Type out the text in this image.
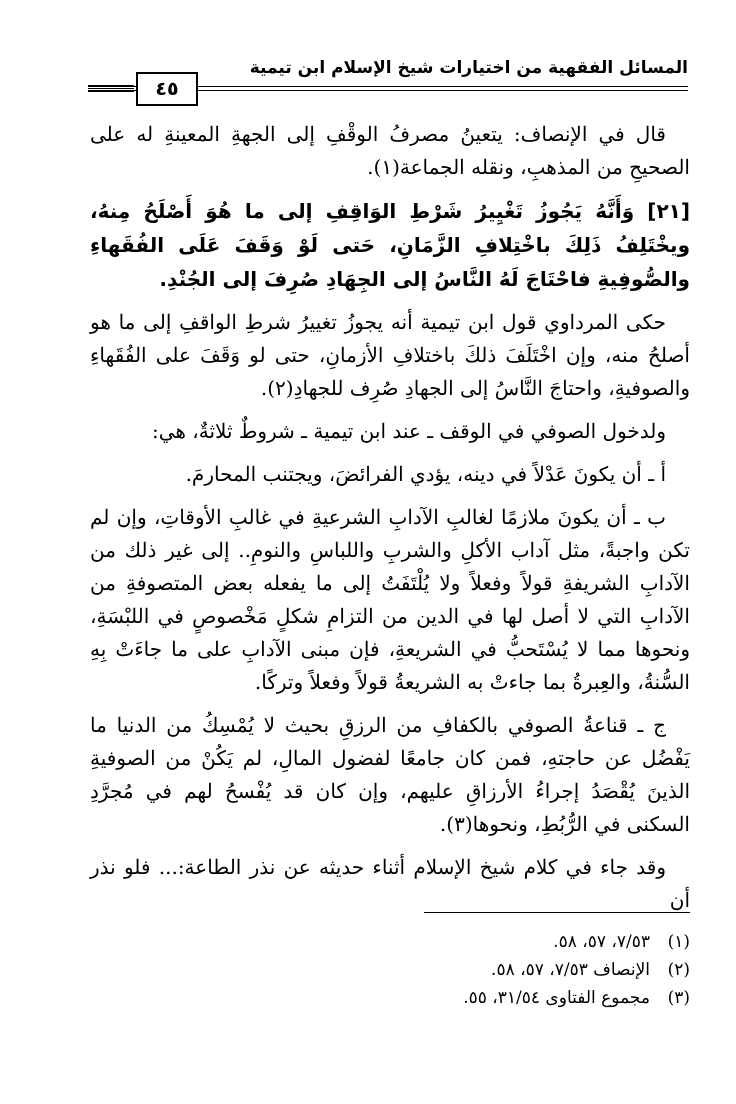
المسائل الفقهية من اختيارات شيخ الإسلام ابن تيمية
٤٥

قال في الإنصاف: يتعينُ مصرفُ الوقْفِ إلى الجهةِ المعينةِ له على الصحيحِ من المذهبِ، ونقله الجماعة(١).

[٢١] وَأَنَّهُ يَجُوزُ تَغْيِيرُ شَرْطِ الوَاقِفِ إلى ما هُوَ أَصْلَحُ مِنهُ، ويخْتَلِفُ ذَلِكَ باخْتِلافِ الزَّمَانِ، حَتى لَوْ وَقَفَ عَلَى الفُقَهاءِ والصُّوفِيةِ فاحْتَاجَ لَهُ النَّاسُ إلى الجِهَادِ صُرِفَ إلى الجُنْدِ.

حكى المرداوي قول ابن تيمية أنه يجوزُ تغييرُ شرطِ الواقفِ إلى ما هو أصلحُ منه، وإن اخْتَلَفَ ذلكَ باختلافِ الأزمانِ، حتى لو وَقَفَ على الفُقَهاءِ والصوفيةِ، واحتاجَ النَّاسُ إلى الجهادِ صُرِف للجهادِ(٢).

ولدخول الصوفي في الوقف ـ عند ابن تيمية ـ شروطٌ ثلاثةٌ، هي:

أ ـ أن يكونَ عَدْلاً في دينه، يؤدي الفرائضَ، ويجتنب المحارمَ.

ب ـ أن يكونَ ملازمًا لغالبِ الآدابِ الشرعيةِ في غالبِ الأوقاتِ، وإن لم تكن واجبةً، مثل آداب الأكلِ والشربِ واللباسِ والنومِ.. إلى غير ذلك من الآدابِ الشريفةِ قولاً وفعلاً ولا يُلْتَفَتُ إلى ما يفعله بعض المتصوفةِ من الآدابِ التي لا أصل لها في الدين من التزامِ شكلٍ مَخْصوصٍ في اللبْسَةِ، ونحوها مما لا يُسْتَحبُّ في الشريعةِ، فإن مبنى الآدابِ على ما جاءَتْ بِهِ السُّنةُ، والعِبرةُ بما جاءتْ به الشريعةُ قولاً وفعلاً وتركًا.

ج ـ قناعةُ الصوفي بالكفافِ من الرزقِ بحيث لا يُمْسِكُ من الدنيا ما يَفْضُل عن حاجتهِ، فمن كان جامعًا لفضول المالِ، لم يَكُنْ من الصوفيةِ الذينَ يُقْصَدُ إجراءُ الأرزاقِ عليهم، وإن كان قد يُفْسحُ لهم في مُجرَّدِ السكنى في الرُّبُطِ، ونحوها(٣).

وقد جاء في كلام شيخ الإسلام أثناء حديثه عن نذر الطاعة:... فلو نذر أن

(١)
٧/٥٣، ٥٧، ٥٨.
(٢)
الإنصاف ٧/٥٣، ٥٧، ٥٨.
(٣)
مجموع الفتاوى ٣١/٥٤، ٥٥.
